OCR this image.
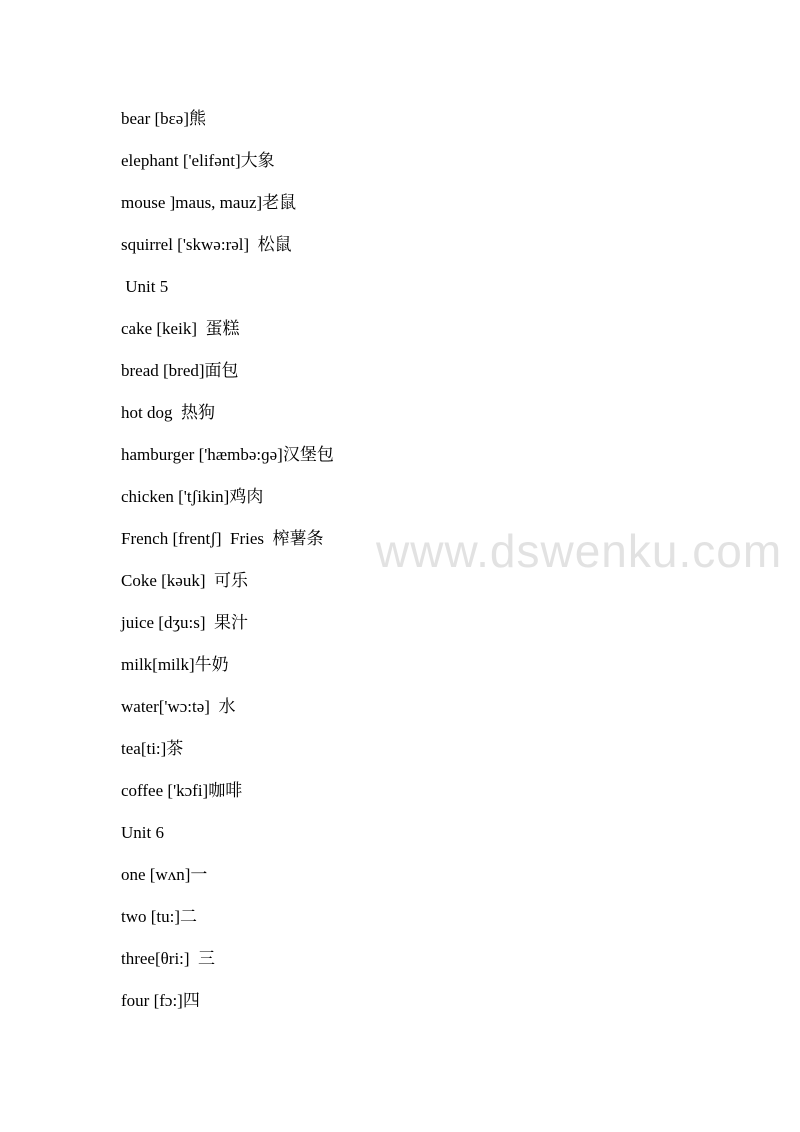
bear [bεə]熊
elephant ['elifənt]大象
mouse ]maus, mauz]老鼠
squirrel ['skwə:rəl]  松鼠
Unit 5
cake [keik]  蛋糕
bread [bred]面包
hot dog  热狗
hamburger ['hæmbə:ɡə]汉堡包
chicken ['tʃikin]鸡肉
French [frentʃ]  Fries  榨薯条
Coke [kəuk]  可乐
juice [dʒu:s]  果汁
milk[milk]牛奶
water['wɔ:tə]  水
tea[ti:]茶
coffee ['kɔfi]咖啡
Unit 6
one [wʌn]一
two [tu:]二
three[θri:]  三
four [fɔ:]四
www.dswenku.com
